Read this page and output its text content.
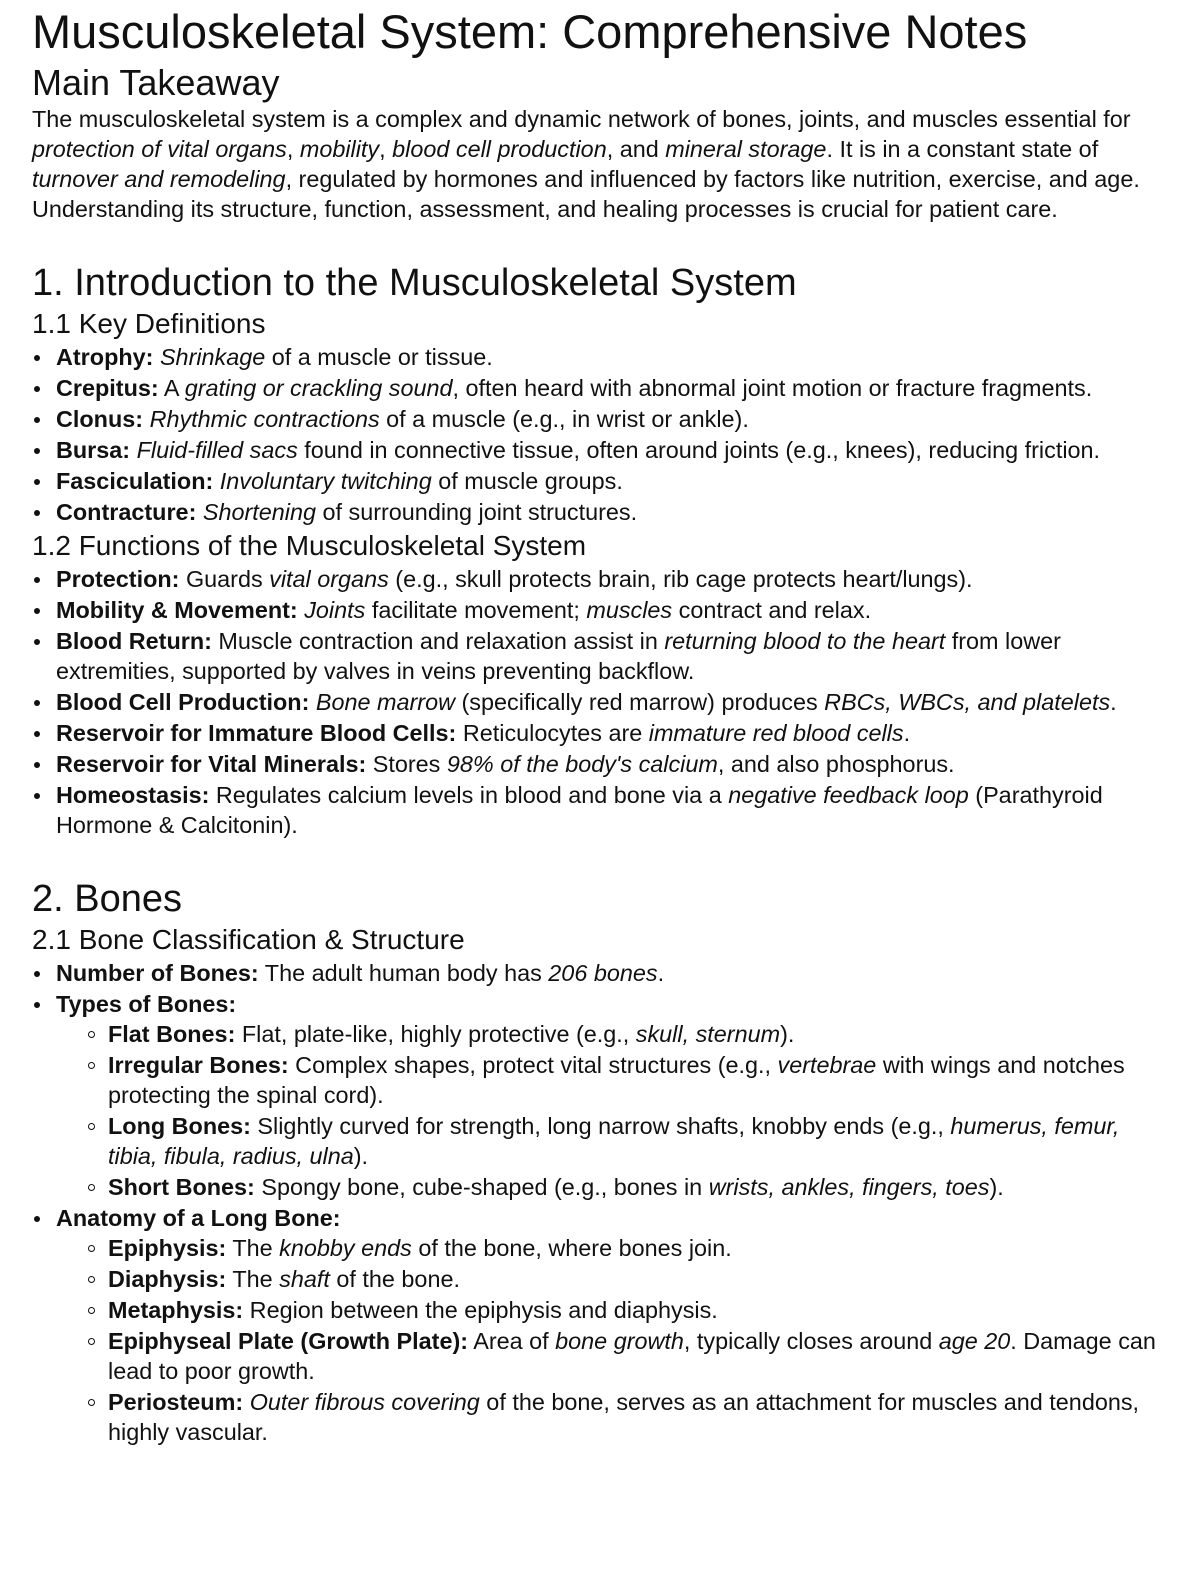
Musculoskeletal System: Comprehensive Notes
Main Takeaway

The musculoskeletal system is a complex and dynamic network of bones, joints, and muscles essential for protection of vital organs, mobility, blood cell production, and mineral storage. It is in a constant state of turnover and remodeling, regulated by hormones and influenced by factors like nutrition, exercise, and age. Understanding its structure, function, assessment, and healing processes is crucial for patient care.

1. Introduction to the Musculoskeletal System
1.1 Key Definitions
Atrophy: Shrinkage of a muscle or tissue.
Crepitus: A grating or crackling sound, often heard with abnormal joint motion or fracture fragments.
Clonus: Rhythmic contractions of a muscle (e.g., in wrist or ankle).
Bursa: Fluid-filled sacs found in connective tissue, often around joints (e.g., knees), reducing friction.
Fasciculation: Involuntary twitching of muscle groups.
Contracture: Shortening of surrounding joint structures.
1.2 Functions of the Musculoskeletal System
Protection: Guards vital organs (e.g., skull protects brain, rib cage protects heart/lungs).
Mobility & Movement: Joints facilitate movement; muscles contract and relax.
Blood Return: Muscle contraction and relaxation assist in returning blood to the heart from lower extremities, supported by valves in veins preventing backflow.
Blood Cell Production: Bone marrow (specifically red marrow) produces RBCs, WBCs, and platelets.
Reservoir for Immature Blood Cells: Reticulocytes are immature red blood cells.
Reservoir for Vital Minerals: Stores 98% of the body's calcium, and also phosphorus.
Homeostasis: Regulates calcium levels in blood and bone via a negative feedback loop (Parathyroid Hormone & Calcitonin).
2. Bones
2.1 Bone Classification & Structure
Number of Bones: The adult human body has 206 bones.
Types of Bones:
Flat Bones: Flat, plate-like, highly protective (e.g., skull, sternum).
Irregular Bones: Complex shapes, protect vital structures (e.g., vertebrae with wings and notches protecting the spinal cord).
Long Bones: Slightly curved for strength, long narrow shafts, knobby ends (e.g., humerus, femur, tibia, fibula, radius, ulna).
Short Bones: Spongy bone, cube-shaped (e.g., bones in wrists, ankles, fingers, toes).
Anatomy of a Long Bone:
Epiphysis: The knobby ends of the bone, where bones join.
Diaphysis: The shaft of the bone.
Metaphysis: Region between the epiphysis and diaphysis.
Epiphyseal Plate (Growth Plate): Area of bone growth, typically closes around age 20. Damage can lead to poor growth.
Periosteum: Outer fibrous covering of the bone, serves as an attachment for muscles and tendons, highly vascular.
